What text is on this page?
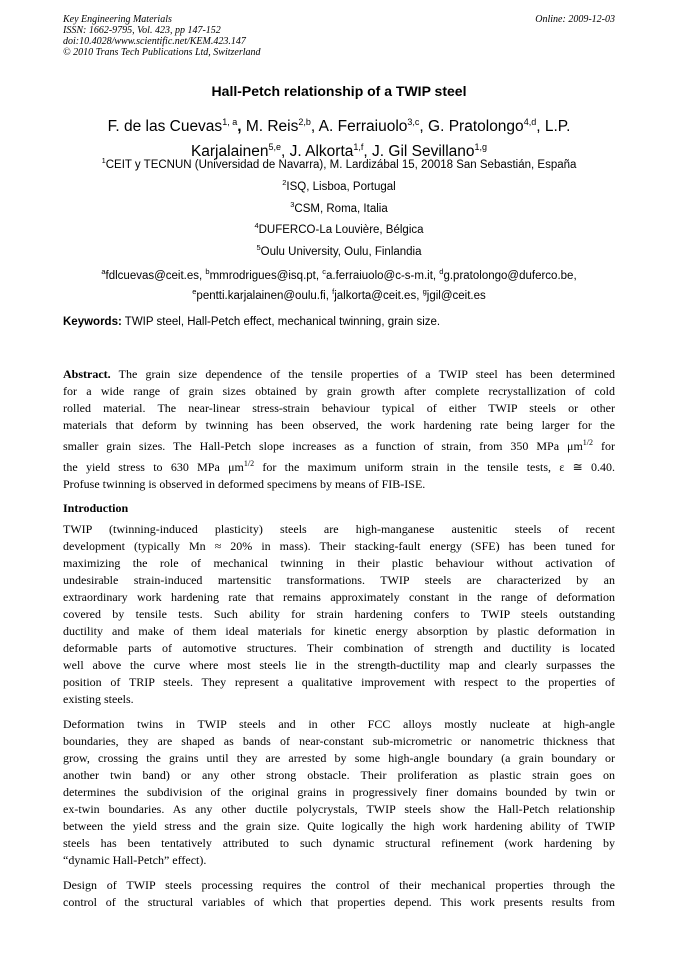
Key Engineering Materials
ISSN: 1662-9795, Vol. 423, pp 147-152
doi:10.4028/www.scientific.net/KEM.423.147
© 2010 Trans Tech Publications Ltd, Switzerland
Online: 2009-12-03
Hall-Petch relationship of a TWIP steel
F. de las Cuevas$^{1, a}$, M. Reis$^{2,b}$, A. Ferraiuolo$^{3,c}$, G. Pratolongo$^{4,d}$, L.P. Karjalainen$^{5,e}$, J. Alkorta$^{1,f}$, J. Gil Sevillano$^{1,g}$
$^1$CEIT y TECNUN (Universidad de Navarra), M. Lardizábal 15, 20018 San Sebastián, España
$^2$ISQ, Lisboa, Portugal
$^3$CSM, Roma, Italia
$^4$DUFERCO-La Louvière, Bélgica
$^5$Oulu University, Oulu, Finlandia
$^a$fdlcuevas@ceit.es, $^b$mmrodrigues@isq.pt, $^c$a.ferraiuolo@c-s-m.it, $^d$g.pratolongo@duferco.be,
$^e$pentti.karjalainen@oulu.fi, $^f$jalkorta@ceit.es, $^g$jgil@ceit.es
Keywords: TWIP steel, Hall-Petch effect, mechanical twinning, grain size.
Abstract. The grain size dependence of the tensile properties of a TWIP steel has been determined
for a wide range of grain sizes obtained by grain growth after complete recrystallization of cold
rolled material. The near-linear stress-strain behaviour typical of either TWIP steels or other
materials that deform by twinning has been observed, the work hardening rate being larger for the
smaller grain sizes. The Hall-Petch slope increases as a function of strain, from 350 MPa $\mu m^{1/2}$ for
the yield stress to 630 MPa $\mu m^{1/2}$ for the maximum uniform strain in the tensile tests, ε ≅ 0.40.
Profuse twinning is observed in deformed specimens by means of FIB-ISE.
Introduction
TWIP (twinning-induced plasticity) steels are high-manganese austenitic steels of recent
development (typically Mn ≈ 20% in mass). Their stacking-fault energy (SFE) has been tuned for
maximizing the role of mechanical twinning in their plastic behaviour without activation of
undesirable strain-induced martensitic transformations. TWIP steels are characterized by an
extraordinary work hardening rate that remains approximately constant in the range of deformation
covered by tensile tests. Such ability for strain hardening confers to TWIP steels outstanding
ductility and make of them ideal materials for kinetic energy absorption by plastic deformation in
deformable parts of automotive structures. Their combination of strength and ductility is located
well above the curve where most steels lie in the strength-ductility map and clearly surpasses the
position of TRIP steels. They represent a qualitative improvement with respect to the properties of
existing steels.
Deformation twins in TWIP steels and in other FCC alloys mostly nucleate at high-angle
boundaries, they are shaped as bands of near-constant sub-micrometric or nanometric thickness that
grow, crossing the grains until they are arrested by some high-angle boundary (a grain boundary or
another twin band) or any other strong obstacle. Their proliferation as plastic strain goes on
determines the subdivision of the original grains in progressively finer domains bounded by twin or
ex-twin boundaries. As any other ductile polycrystals, TWIP steels show the Hall-Petch relationship
between the yield stress and the grain size. Quite logically the high work hardening ability of TWIP
steels has been tentatively attributed to such dynamic structural refinement (work hardening by
“dynamic Hall-Petch” effect).
Design of TWIP steels processing requires the control of their mechanical properties through the
control of the structural variables of which that properties depend. This work presents results from
